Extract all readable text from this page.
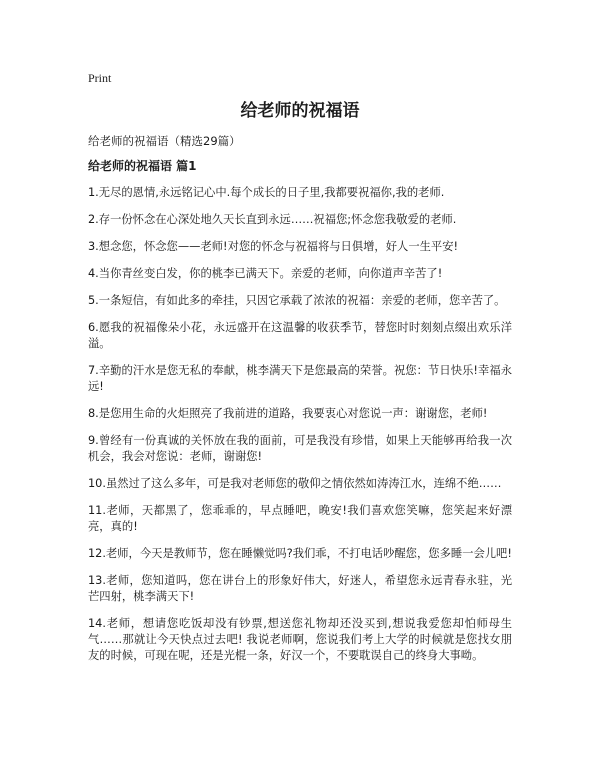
Print
给老师的祝福语
给老师的祝福语（精选29篇）
给老师的祝福语 篇1
1.无尽的恩情,永远铭记心中.每个成长的日子里,我都要祝福你,我的老师.
2.存一份怀念在心深处地久天长直到永远……祝福您;怀念您我敬爱的老师.
3.想念您，怀念您——老师!对您的怀念与祝福将与日俱增，好人一生平安!
4.当你青丝变白发，你的桃李已满天下。亲爱的老师，向你道声辛苦了!
5.一条短信，有如此多的牵挂，只因它承载了浓浓的祝福：亲爱的老师，您辛苦了。
6.愿我的祝福像朵小花，永远盛开在这温馨的收获季节，替您时时刻刻点缀出欢乐洋溢。
7.辛勤的汗水是您无私的奉献，桃李满天下是您最高的荣誉。祝您：节日快乐!幸福永远!
8.是您用生命的火炬照亮了我前进的道路，我要衷心对您说一声：谢谢您，老师!
9.曾经有一份真诚的关怀放在我的面前，可是我没有珍惜，如果上天能够再给我一次机会，我会对您说：老师，谢谢您!
10.虽然过了这么多年，可是我对老师您的敬仰之情依然如涛涛江水，连绵不绝……
11.老师，天都黑了，您乖乖的，早点睡吧，晚安!我们喜欢您笑嘛，您笑起来好漂亮，真的!
12.老师，今天是教师节，您在睡懒觉吗?我们乖，不打电话吵醒您，您多睡一会儿吧!
13.老师，您知道吗，您在讲台上的形象好伟大，好迷人，希望您永远青春永驻，光芒四射，桃李满天下!
14.老师，想请您吃饭却没有钞票,想送您礼物却还没买到,想说我爱您却怕师母生气……那就让今天快点过去吧! 我说老师啊，您说我们考上大学的时候就是您找女朋友的时候，可现在呢，还是光棍一条，好汉一个，不要耽误自己的终身大事呦。
